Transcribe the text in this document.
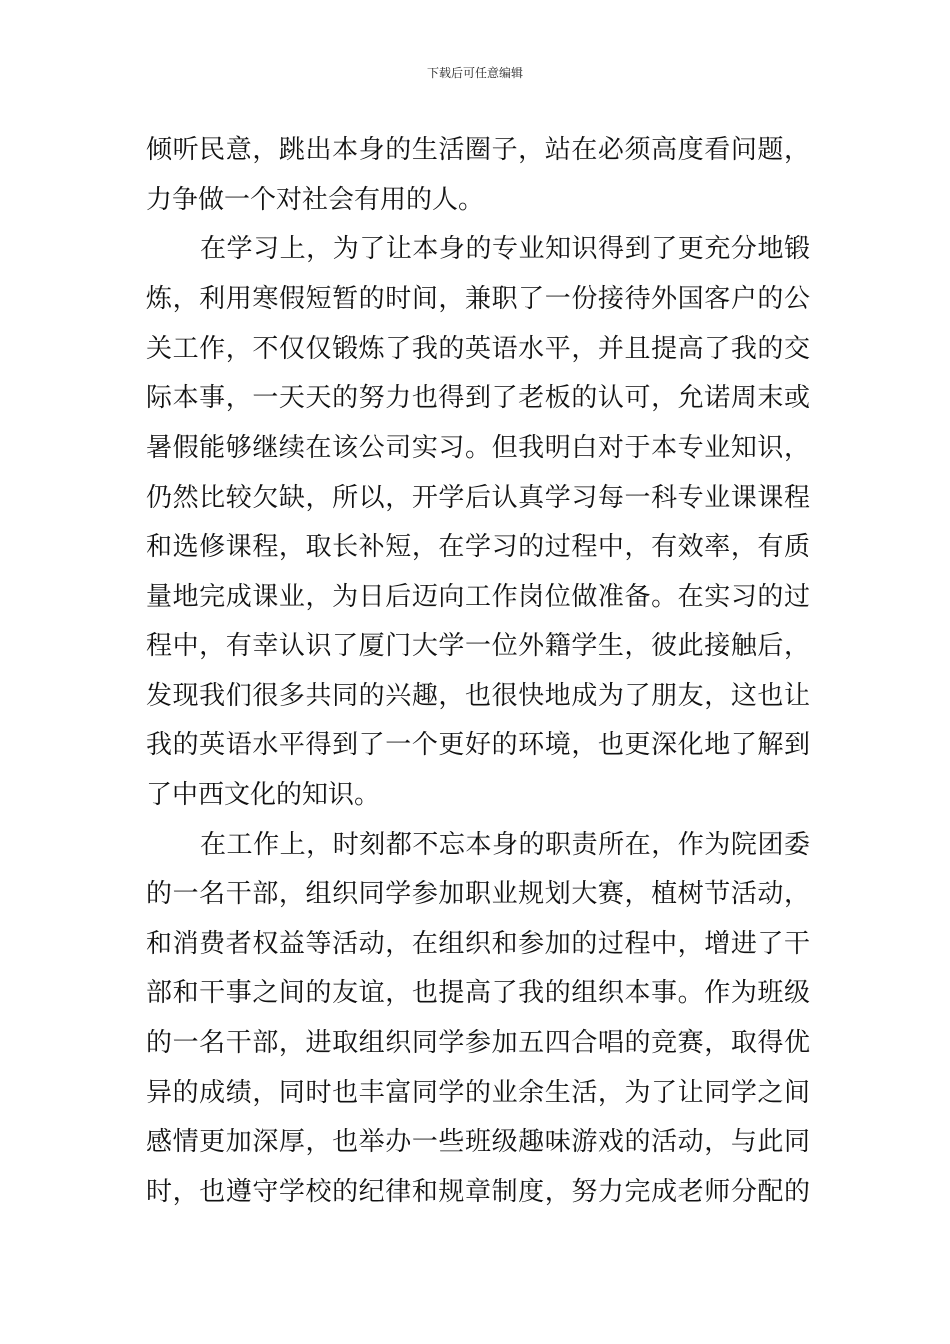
下载后可任意编辑
倾听民意，跳出本身的生活圈子，站在必须高度看问题，
力争做一个对社会有用的人。
在学习上，为了让本身的专业知识得到了更充分地锻
炼，利用寒假短暂的时间，兼职了一份接待外国客户的公
关工作，不仅仅锻炼了我的英语水平，并且提高了我的交
际本事，一天天的努力也得到了老板的认可，允诺周末或
暑假能够继续在该公司实习。但我明白对于本专业知识，
仍然比较欠缺，所以，开学后认真学习每一科专业课课程
和选修课程，取长补短，在学习的过程中，有效率，有质
量地完成课业，为日后迈向工作岗位做准备。在实习的过
程中，有幸认识了厦门大学一位外籍学生，彼此接触后，
发现我们很多共同的兴趣，也很快地成为了朋友，这也让
我的英语水平得到了一个更好的环境，也更深化地了解到
了中西文化的知识。
在工作上，时刻都不忘本身的职责所在，作为院团委
的一名干部，组织同学参加职业规划大赛，植树节活动，
和消费者权益等活动，在组织和参加的过程中，增进了干
部和干事之间的友谊，也提高了我的组织本事。作为班级
的一名干部，进取组织同学参加五四合唱的竞赛，取得优
异的成绩，同时也丰富同学的业余生活，为了让同学之间
感情更加深厚，也举办一些班级趣味游戏的活动，与此同
时，也遵守学校的纪律和规章制度，努力完成老师分配的
